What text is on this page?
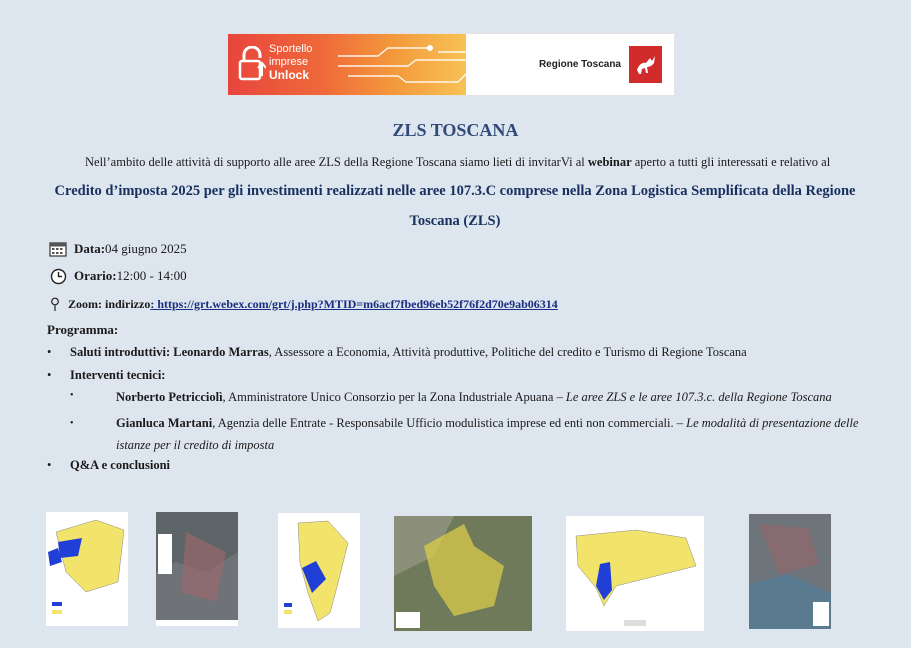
Sportello
imprese
Unlock
Regione Toscana
ZLS TOSCANA
Nell’ambito delle attività di supporto alle aree ZLS della Regione Toscana siamo lieti di invitarVi al webinar aperto a tutti gli interessati e relativo al
Credito d’imposta 2025 per gli investimenti realizzati nelle aree 107.3.C comprese nella Zona Logistica Semplificata della Regione Toscana (ZLS)
Data: 04 giugno 2025
Orario: 12:00 - 14:00
Zoom: indirizzo : https://grt.webex.com/grt/j.php?MTID=m6acf7fbed96eb52f76f2d70e9ab06314
Programma:
• Saluti introduttivi: Leonardo Marras, Assessore a Economia, Attività produttive, Politiche del credito e Turismo di Regione Toscana
• Interventi tecnici:
•	Norberto Petricciolì, Amministratore Unico Consorzio per la Zona Industriale Apuana – Le aree ZLS e le aree 107.3.c. della Regione Toscana
•	Gianluca Martani, Agenzia delle Entrate - Responsabile Ufficio modulistica imprese ed enti non commerciali. – Le modalità di presentazione delle istanze per il credito di imposta
• Q&A e conclusioni
